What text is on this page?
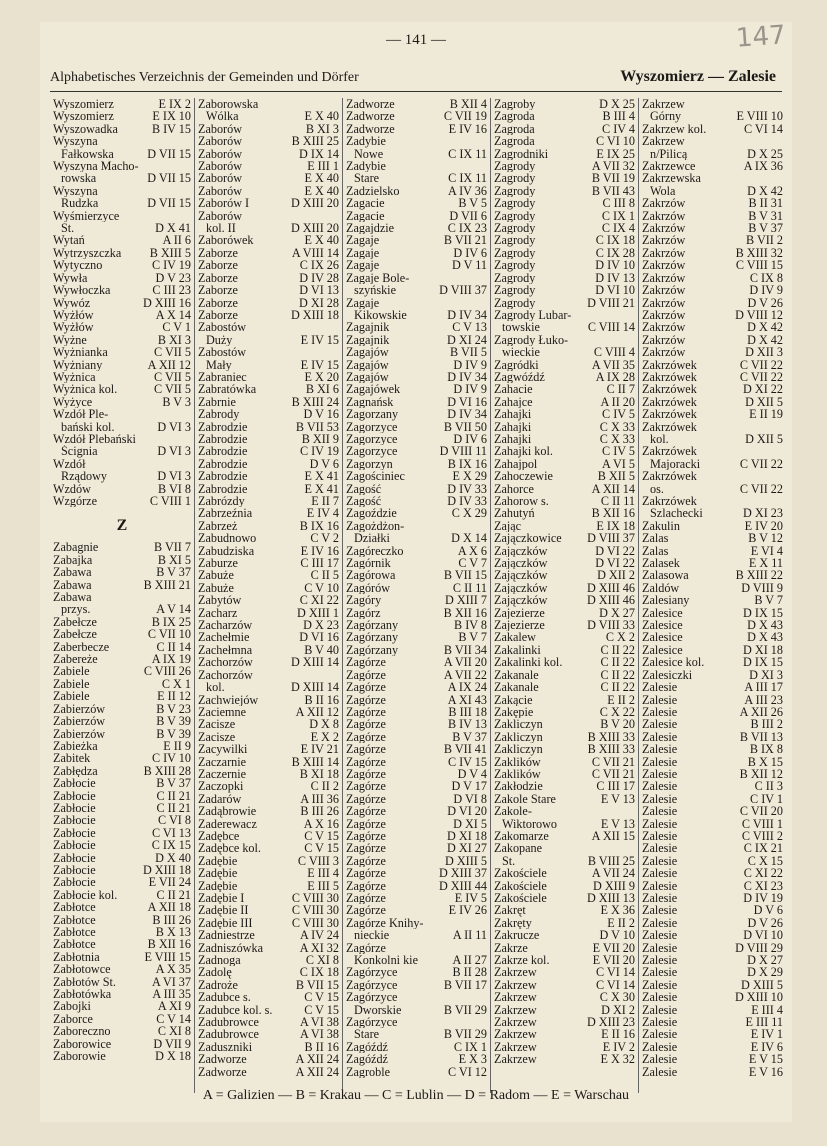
— 141 —	147
Alphabetisches Verzeichnis der Gemeinden und Dörfer	Wyszomierz — Zalesie
Wyszomierz	E IX 2
Wyszomierz	E IX 10
Wyszowadka	B IV 15
Wyszyna
Fałkowska	D VII 15
Wyszyna Macho-
rowska	D VII 15
Wyszyna
Rudzka	D VII 15
Wyśmierzyce
St.	D X 41
Wytań	A II 6
Wytrzyszczka	B XIII 5
Wytyczno	C IV 19
Wywła	D V 23
Wywłoczka	C III 23
Wywóz	D XIII 16
Wyżłów	A X 14
Wyżłów	C V 1
Wyżne	B XI 3
Wyżnianka	C VII 5
Wyżniany	A XII 12
Wyżnica	C VII 5
Wyżnica kol.	C VII 5
Wyżyce	B V 3
Wzdół Ple-
bański kol.	D VI 3
Wzdół Plebański
Ścignia	D VI 3
Wzdół
Rządowy	D VI 3
Wzdów	B VI 8
Wzgórze	C VIII 1
Z
Zabagnie	B VII 7
Zabajka	B XI 5
Zabawa	B V 37
Zabawa	B XIII 21
Zabawa
przys.	A V 14
Zabełcze	B IX 25
Zabełcze	C VII 10
Zaberbecze	C II 14
Zabereże	A IX 19
Zabiele	C VIII 26
Zabiele	C X 1
Zabiele	E II 12
Zabierzów	B V 23
Zabierzów	B V 39
Zabierzów	B V 39
Zabieżka	E II 9
Zabitek	C IV 10
Zabłędza	B XIII 28
Zabłocie	B V 37
Zabłocie	C II 21
Zabłocie	C II 21
Zabłocie	C VI 8
Zabłocie	C VI 13
Zabłocie	C IX 15
Zabłocie	D X 40
Zabłocie	D XIII 18
Zabłocie	E VII 24
Zabłocie kol.	C II 21
Zabłotce	A XII 18
Zabłotce	B III 26
Zabłotce	B X 13
Zabłotce	B XII 16
Zabłotnia	E VIII 15
Zabłotowce	A X 35
Zabłotów St.	A VI 37
Zabłotówka	A III 35
Zabojki	A XI 9
Zaborce	C V 14
Zaboreczno	C XI 8
Zaborowice	D VII 9
Zaborowie	D X 18
Zaborowska
Wólka	E X 40
Zaborów	B XI 3
Zaborów	B XIII 25
Zaborów	D IX 14
Zaborów	E III 1
Zaborów	E X 40
Zaborów	E X 40
Zaborów I	D XIII 20
Zaborów
kol. II	D XIII 20
Zaborówek	E X 40
Zaborze	A VIII 14
Zaborze	C IX 26
Zaborze	D IV 28
Zaborze	D VI 13
Zaborze	D XI 28
Zaborze	D XIII 18
Zabostów
Duży	E IV 15
Zabostów
Mały	E IV 15
Zabraniec	E X 20
Zabratówka	B XI 6
Zabrnie	B XIII 24
Zabrody	D V 16
Zabrodzie	B VII 53
Zabrodzie	B XII 9
Zabrodzie	C IV 19
Zabrodzie	D V 6
Zabrodzie	E X 41
Zabrodzie	E X 41
Zabrózdy	E II 7
Zabrzeźnia	E IV 4
Zabrzeż	B IX 16
Zabudnowo	C V 2
Zabudziska	E IV 16
Zaburze	C III 17
Zabuże	C II 5
Zabuże	C V 10
Zabytów	C XI 22
Zacharz	D XIII 1
Zacharzów	D X 23
Zachełmie	D VI 16
Zachełmna	B V 40
Zachorzów	D XIII 14
Zachorzów
kol.	D XIII 14
Zachwiejów	B II 16
Zaciemne	A XII 12
Zacisze	D X 8
Zacisze	E X 2
Zacywilki	E IV 21
Zaczarnie	B XIII 14
Zaczernie	B XI 18
Zaczopki	C II 2
Zadarów	A III 36
Zadąbrowie	B III 26
Zaderewacz	A X 16
Zadębce	C V 15
Zadębce kol.	C V 15
Zadębie	C VIII 3
Zadębie	E III 4
Zadębie	E III 5
Zadębie I	C VIII 30
Zadębie II	C VIII 30
Zadębie III	C VIII 30
Zadniestrze	A IV 24
Zadniszówka	A XI 32
Zadnoga	C XI 8
Zadolę	C IX 18
Zadroże	B VII 15
Zadubce s.	C V 15
Zadubce kol. s.	C V 15
Zadubrowce	A VI 38
Zadubrowce	A VI 38
Zaduszniki	B II 16
Zadworze	A XII 24
Zadworze	A XII 24
Zadworze	B XII 4
Zadworze	C VII 19
Zadworze	E IV 16
Zadybie
Nowe	C IX 11
Zadybie
Stare	C IX 11
Zadzielsko	A IV 36
Zagacie	B V 5
Zagacie	D VII 6
Zagajdzie	C IX 23
Zagaje	B VII 21
Zagaje	D IV 6
Zagaje	D V 11
Zagaje Bole-
szyńskie	D VIII 37
Zagaje
Kikowskie	D IV 34
Zagajnik	C V 13
Zagajnik	D XI 24
Zagajów	B VII 5
Zagajów	D IV 9
Zagajów	D IV 34
Zagajówek	D IV 9
Zagnańsk	D VI 16
Zagorzany	D IV 34
Zagorzyce	B VII 50
Zagorzyce	D IV 6
Zagorzyce	D VIII 11
Zagorzyn	B IX 16
Zagościniec	E X 29
Zagość	D IV 33
Zagość	D IV 33
Zagoździe	C X 29
Zagożdżon-
Działki	D X 14
Zagóreczko	A X 6
Zagórnik	C V 7
Zagórowa	B VII 15
Zagórów	C II 11
Zagóry	D XIII 7
Zagórz	B XII 16
Zagórzany	B IV 8
Zagórzany	B V 7
Zagórzany	B VII 34
Zagórze	A VII 20
Zagórze	A VII 22
Zagórze	A IX 24
Zagórze	A XI 43
Zagórze	B III 18
Zagórze	B IV 13
Zagórze	B V 37
Zagórze	B VII 41
Zagórze	C IV 15
Zagórze	D V 4
Zagórze	D V 17
Zagórze	D VI 8
Zagórze	D VI 20
Zagórze	D XI 5
Zagórze	D XI 18
Zagórze	D XI 27
Zagórze	D XIII 5
Zagórze	D XIII 37
Zagórze	D XIII 44
Zagórze	E IV 5
Zagórze	E IV 26
Zagórze Knihy-
nieckie	A II 11
Zagórze
Konkolni kie	A II 27
Zagórzyce	B II 28
Zagórzyce	B VII 17
Zagórzyce
Dworskie	B VII 29
Zagórzyce
Stare	B VII 29
Zagóźdź	C IX 1
Zagóźdź	E X 3
Zagroble	C VI 12
Zagroby	D X 25
Zagroda	B III 4
Zagroda	C IV 4
Zagroda	C VI 10
Zagrodniki	E IX 25
Zagrody	A VII 32
Zagrody	B VII 19
Zagrody	B VII 43
Zagrody	C III 8
Zagrody	C IX 1
Zagrody	C IX 4
Zagrody	C IX 18
Zagrody	C IX 28
Zagrody	D IV 10
Zagrody	D IV 13
Zagrody	D VI 10
Zagrody	D VIII 21
Zagrody Lubar-
towskie	C VIII 14
Zagrody Łuko-
wieckie	C VIII 4
Zagródki	A VII 35
Zagwóźdź	A IX 28
Zahacie	C II 7
Zahajce	A II 20
Zahajki	C IV 5
Zahajki	C X 33
Zahajki	C X 33
Zahajki kol.	C IV 5
Zahajpol	A VI 5
Zahoczewie	B XII 5
Zahorce	A XII 14
Zahorow s.	C II 11
Zahutyń	B XII 16
Zając	E IX 18
Zajączkowice	D VIII 37
Zajączków	D VI 22
Zajączków	D VI 22
Zajączków	D XII 2
Zajączków	D XIII 46
Zajączków	D XIII 46
Zajezierze	D X 27
Zajezierze	D VIII 33
Zakalew	C X 2
Zakalinki	C II 22
Zakalinki kol.	C II 22
Zakanale	C II 22
Zakanale	C II 22
Zakącie	E II 2
Zakępie	C X 22
Zakliczyn	B V 20
Zakliczyn	B XIII 33
Zakliczyn	B XIII 33
Zaklików	C VII 21
Zaklików	C VII 21
Zakłodzie	C III 17
Zakole Stare	E V 13
Zakole-
Wiktorowo	E V 13
Zakomarze	A XII 15
Zakopane
St.	B VIII 25
Zakościele	A VII 24
Zakościele	D XIII 9
Zakościele	D XIII 13
Zakręt	E X 36
Zakręty	E II 2
Zakrucze	D V 10
Zakrze	E VII 20
Zakrze kol.	E VII 20
Zakrzew	C VI 14
Zakrzew	C VI 14
Zakrzew	C X 30
Zakrzew	D XI 2
Zakrzew	D XIII 23
Zakrzew	E II 16
Zakrzew	E IV 2
Zakrzew	E X 32
Zakrzew
Górny	E VIII 10
Zakrzew kol.	C VI 14
Zakrzew
n/Pilicą	D X 25
Zakrzewce	A IX 36
Zakrzewska
Wola	D X 42
Zakrzów	B II 31
Zakrzów	B V 31
Zakrzów	B V 37
Zakrzów	B VII 2
Zakrzów	B XIII 32
Zakrzów	C VIII 15
Zakrzów	C IX 8
Zakrzów	D IV 9
Zakrzów	D V 26
Zakrzów	D VIII 12
Zakrzów	D X 42
Zakrzów	D X 42
Zakrzów	D XII 3
Zakrzówek	C VII 22
Zakrzówek	C VII 22
Zakrzówek	D XI 22
Zakrzówek	D XII 5
Zakrzówek	E II 19
Zakrzówek
kol.	D XII 5
Zakrzówek
Majoracki	C VII 22
Zakrzówek
os.	C VII 22
Zakrzówek
Szlachecki	D XI 23
Zakulin	E IV 20
Zalas	B V 12
Zalas	E VI 4
Zalasek	E X 11
Zalasowa	B XIII 22
Zaldów	D VIII 9
Zalesiany	B V 7
Zalesice	D IX 15
Zalesice	D X 43
Zalesice	D X 43
Zalesice	D XI 18
Zalesice kol.	D IX 15
Zalesiczki	D XI 3
Zalesie	A III 17
Zalesie	A III 23
Zalesie	A XII 26
Zalesie	B III 2
Zalesie	B VII 13
Zalesie	B IX 8
Zalesie	B X 15
Zalesie	B XII 12
Zalesie	C II 3
Zalesie	C IV 1
Zalesie	C VII 20
Zalesie	C VIII 1
Zalesie	C VIII 2
Zalesie	C IX 21
Zalesie	C X 15
Zalesie	C XI 22
Zalesie	C XI 23
Zalesie	D IV 19
Zalesie	D V 6
Zalesie	D V 26
Zalesie	D VI 10
Zalesie	D VIII 29
Zalesie	D X 27
Zalesie	D X 29
Zalesie	D XIII 5
Zalesie	D XIII 10
Zalesie	E III 4
Zalesie	E III 11
Zalesie	E IV 1
Zalesie	E IV 6
Zalesie	E V 15
Zalesie	E V 16
A = Galizien — B = Krakau — C = Lublin — D = Radom — E = Warschau
